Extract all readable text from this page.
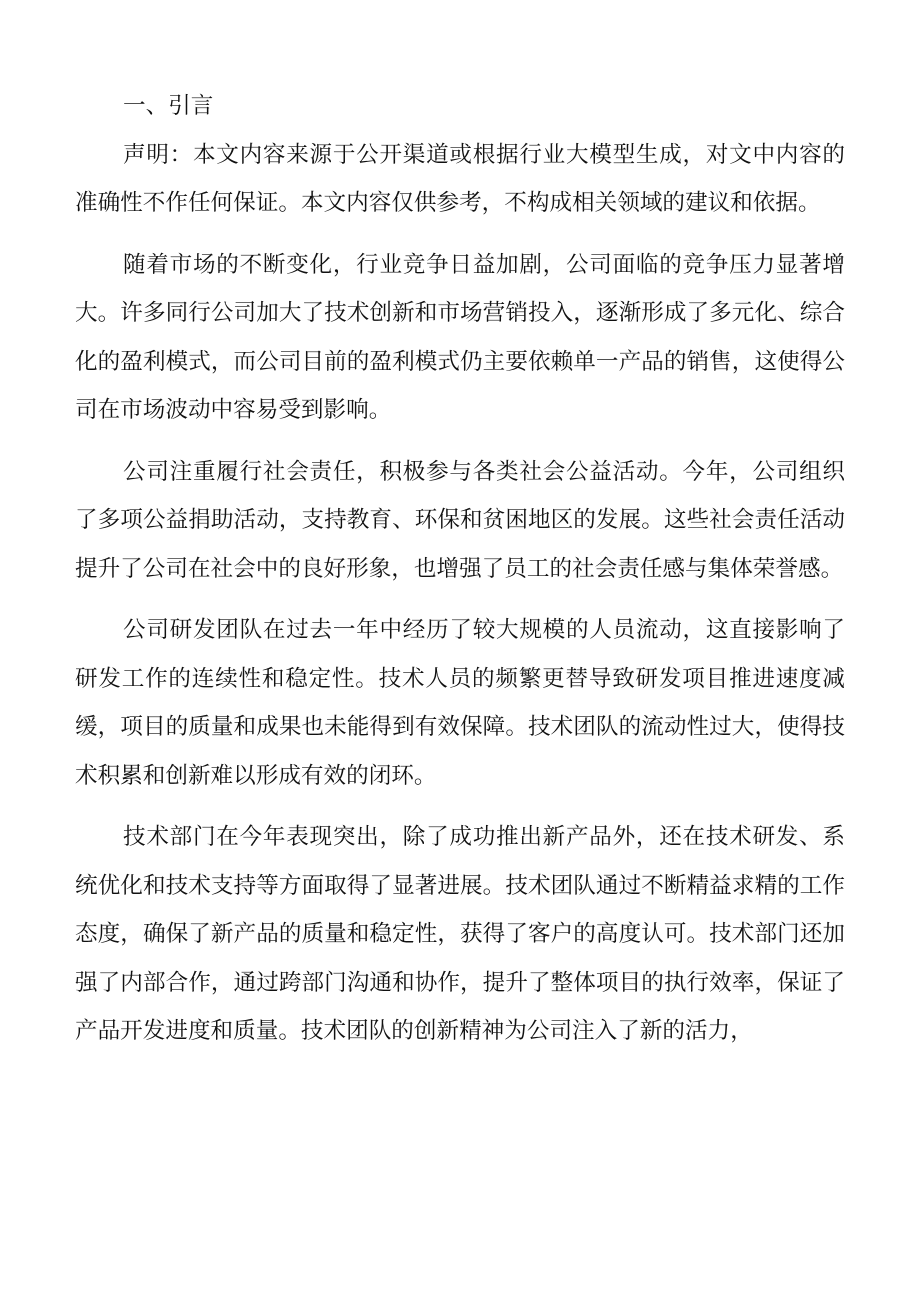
一、引言

声明：本文内容来源于公开渠道或根据行业大模型生成，对文中内容的准确性不作任何保证。本文内容仅供参考，不构成相关领域的建议和依据。

随着市场的不断变化，行业竞争日益加剧，公司面临的竞争压力显著增大。许多同行公司加大了技术创新和市场营销投入，逐渐形成了多元化、综合化的盈利模式，而公司目前的盈利模式仍主要依赖单一产品的销售，这使得公司在市场波动中容易受到影响。

公司注重履行社会责任，积极参与各类社会公益活动。今年，公司组织了多项公益捐助活动，支持教育、环保和贫困地区的发展。这些社会责任活动提升了公司在社会中的良好形象，也增强了员工的社会责任感与集体荣誉感。

公司研发团队在过去一年中经历了较大规模的人员流动，这直接影响了研发工作的连续性和稳定性。技术人员的频繁更替导致研发项目推进速度减缓，项目的质量和成果也未能得到有效保障。技术团队的流动性过大，使得技术积累和创新难以形成有效的闭环。

技术部门在今年表现突出，除了成功推出新产品外，还在技术研发、系统优化和技术支持等方面取得了显著进展。技术团队通过不断精益求精的工作态度，确保了新产品的质量和稳定性，获得了客户的高度认可。技术部门还加强了内部合作，通过跨部门沟通和协作，提升了整体项目的执行效率，保证了产品开发进度和质量。技术团队的创新精神为公司注入了新的活力，
